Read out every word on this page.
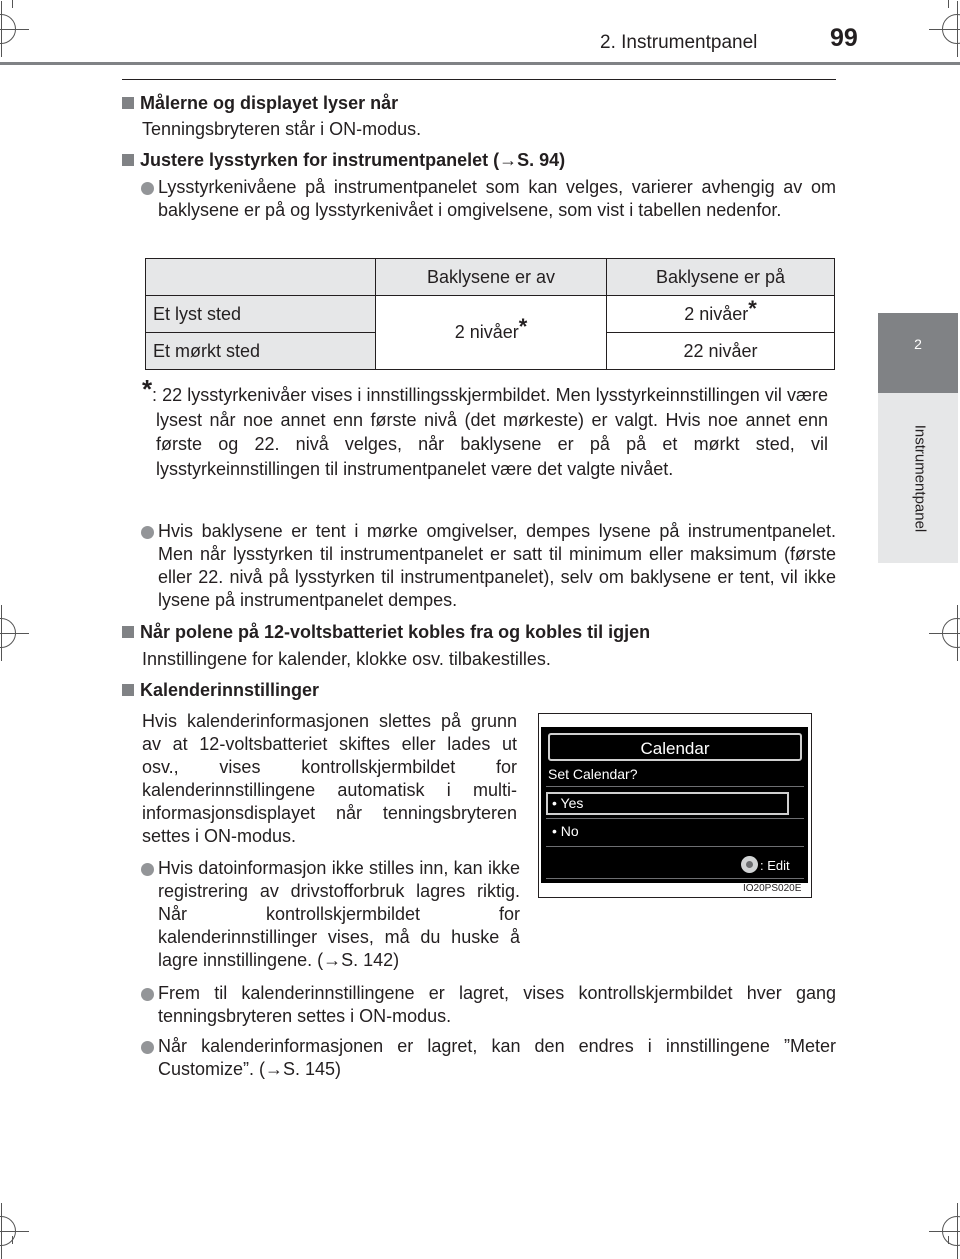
2. Instrumentpanel	99
2
Instrumentpanel
Målerne og displayet lyser når
Tenningsbryteren står i ON-modus.
Justere lysstyrken for instrumentpanelet (→S. 94)
Lysstyrkenivåene på instrumentpanelet som kan velges, varierer avhengig av om baklysene er på og lysstyrkenivået i omgivelsene, som vist i tabellen nedenfor.
	Baklysene er av	Baklysene er på
Et lyst sted	2 nivåer*	2 nivåer*
Et mørkt sted		22 nivåer
* : 22 lysstyrkenivåer vises i innstillingsskjermbildet. Men lysstyrkeinnstillingen vil være lysest når noe annet enn første nivå (det mørkeste) er valgt. Hvis noe annet enn første og 22. nivå velges, når baklysene er på på et mørkt sted, vil lysstyrkeinnstillingen til instrumentpanelet være det valgte nivået.
Hvis baklysene er tent i mørke omgivelser, dempes lysene på instrumentpanelet. Men når lysstyrken til instrumentpanelet er satt til minimum eller maksimum (første eller 22. nivå på lysstyrken til instrumentpanelet), selv om baklysene er tent, vil ikke lysene på instrumentpanelet dempes.
Når polene på 12-voltsbatteriet kobles fra og kobles til igjen
Innstillingene for kalender, klokke osv. tilbakestilles.
Kalenderinnstillinger
Hvis kalenderinformasjonen slettes på grunn av at 12-voltsbatteriet skiftes eller lades ut osv., vises kontrollskjermbildet for kalenderinnstillingene automatisk i multi-informasjonsdisplayet når tenningsbryteren settes i ON-modus.
Hvis datoinformasjon ikke stilles inn, kan ikke registrering av drivstofforbruk lagres riktig. Når kontrollskjermbildet for kalenderinnstillinger vises, må du huske å lagre innstillingene. (→S. 142)
Frem til kalenderinnstillingene er lagret, vises kontrollskjermbildet hver gang tenningsbryteren settes i ON-modus.
Når kalenderinformasjonen er lagret, kan den endres i innstillingene ”Meter Customize”. (→S. 145)
Calendar
Set Calendar?
• Yes
• No
: Edit
IO20PS020E
